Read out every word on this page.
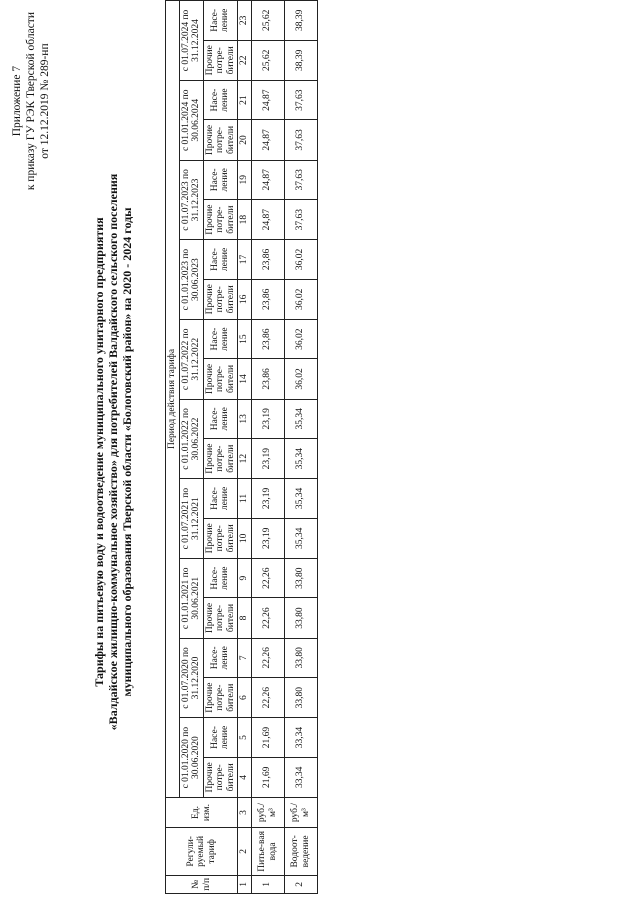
Приложение 7 к приказу ГУ РЭК Тверской области от 12.12.2019 № 289-нп
Тарифы на питьевую воду и водоотведение муниципального унитарного предприятия «Валдайское жилищно-коммунальное хозяйство» для потребителей Валдайского сельского поселения муниципального образования Тверской области «Бологовский район» на 2020 - 2024 годы
№ п/п	Регули-руемый тариф	Ед. изм.	Период действия тарифа																			
			с 01.01.2020 по 30.06.2020		с 01.07.2020 по 31.12.2020		с 01.01.2021 по 30.06.2021		с 01.07.2021 по 31.12.2021		с 01.01.2022 по 30.06.2022		с 01.07.2022 по 31.12.2022		с 01.01.2023 по 30.06.2023		с 01.07.2023 по 31.12.2023		с 01.01.2024 по 30.06.2024		с 01.07.2024 по 31.12.2024	
			Прочие потре-бители	Насе-ление	Прочие потре-бители	Насе-ление	Прочие потре-бители	Насе-ление	Прочие потре-бители	Насе-ление	Прочие потре-бители	Насе-ление	Прочие потре-бители	Насе-ление	Прочие потре-бители	Насе-ление	Прочие потре-бители	Насе-ление	Прочие потре-бители	Насе-ление	Прочие потре-бители	Насе-ление
1	2	3	4	5	6	7	8	9	10	11	12	13	14	15	16	17	18	19	20	21	22	23
1	Питье-вая вода	руб./м³	21,69	21,69	22,26	22,26	22,26	22,26	23,19	23,19	23,19	23,19	23,86	23,86	23,86	23,86	24,87	24,87	24,87	24,87	25,62	25,62
2	Водоот-ведение	руб./м³	33,34	33,34	33,80	33,80	33,80	33,80	35,34	35,34	35,34	35,34	36,02	36,02	36,02	36,02	37,63	37,63	37,63	37,63	38,39	38,39
